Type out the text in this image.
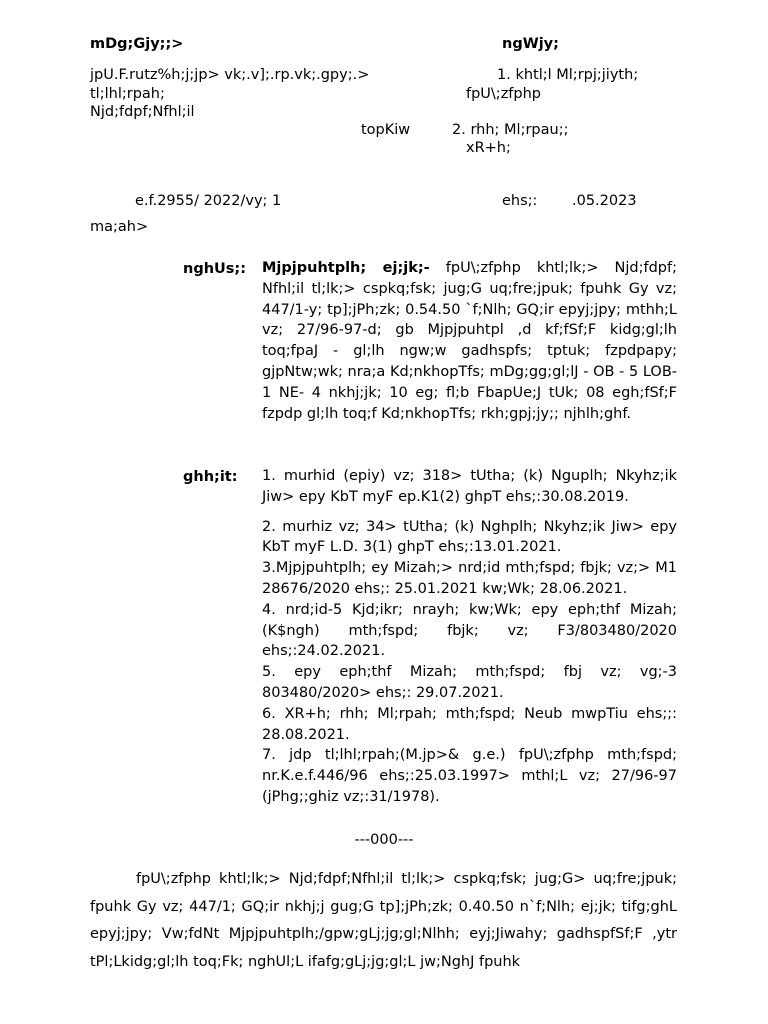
mDg;Gjy;;>	ngWjy;
jpU.F.rutz%h;j;jp> vk;.v];.rp.vk;.gpy;.>
tl;lhl;rpah;
Njd;fdpf;Nfhl;il
1. khtl;l Ml;rpj;jiyth;
fpU\;zfphp
topKiw	2. rhh; Ml;rpau;;
xR+h;
e.f.2955/ 2022/vy; 1	ehs;: .05.2023
ma;ah>
nghUs;: Mjpjpuhtplh; ej;jk;- fpU\;zfphp khtl;lk;> Njd;fdpf; Nfhl;il tl;lk;> cspkq;fsk; jug;G uq;fre;jpuk; fpuhk Gy vz; 447/1-y; tp];jPh;zk; 0.54.50 `f;Nlh; GQ;ir epyj;jpy; mthh;L vz; 27/96-97-d; gb Mjpjpuhtpl ,d kf;fSf;F kidg;gl;lh toq;fpaJ - gl;lh ngw;w gadhspfs; tptuk; fzpdpapy; gjpNtw;wk; nra;a Kd;nkhopTfs; mDg;gg;gl;lJ - OB - 5 LOB-1 NE- 4 nkhj;jk; 10 eg; fl;b FbapUe;J tUk; 08 egh;fSf;F fzpdp gl;lh toq;f Kd;nkhopTfs; rkh;gpj;jy;; njhlh;ghf.
ghh;it: 1. murhid (epiy) vz; 318> tUtha; (k) Nguplh; Nkyhz;ik Jiw> epy KbT myF ep.K1(2) ghpT ehs;:30.08.2019.

2. murhiz vz; 34> tUtha; (k) Nghplh; Nkyhz;ik Jiw> epy KbT myF L.D. 3(1) ghpT ehs;:13.01.2021.

3.Mjpjpuhtplh; ey Mizah;> nrd;id mth;fspd; fbjk; vz;> M1 28676/2020 ehs;: 25.01.2021 kw;Wk; 28.06.2021.

4. nrd;id-5 Kjd;ikr; nrayh; kw;Wk; epy eph;thf Mizah; (K$ngh) mth;fspd; fbjk; vz; F3/803480/2020 ehs;:24.02.2021.

5. epy eph;thf Mizah; mth;fspd; fbj vz; vg;-3 803480/2020> ehs;: 29.07.2021.

6. XR+h; rhh; Ml;rpah; mth;fspd; Neub mwpTiu ehs;;: 28.08.2021.

7. jdp tl;lhl;rpah;(M.jp>& g.e.) fpU\;zfphp mth;fspd; nr.K.e.f.446/96 ehs;:25.03.1997> mthl;L vz; 27/96-97 (jPhg;;ghiz vz;:31/1978).

---000---
fpU\;zfphp khtl;lk;> Njd;fdpf;Nfhl;il tl;lk;> cspkq;fsk; jug;G> uq;fre;jpuk; fpuhk Gy vz; 447/1; GQ;ir nkhj;j gug;G tp];jPh;zk; 0.40.50 n`f;Nlh; ej;jk; tifg;ghL epyj;jpy; Vw;fdNt Mjpjpuhtplh;/gpw;gLj;jg;gl;Nlhh; eyj;Jiwahy; gadhspfSf;F ,ytr tPl;Lkidg;gl;lh toq;Fk; nghUl;L ifafg;gLj;jg;gl;L jw;NghJ fpuhk
